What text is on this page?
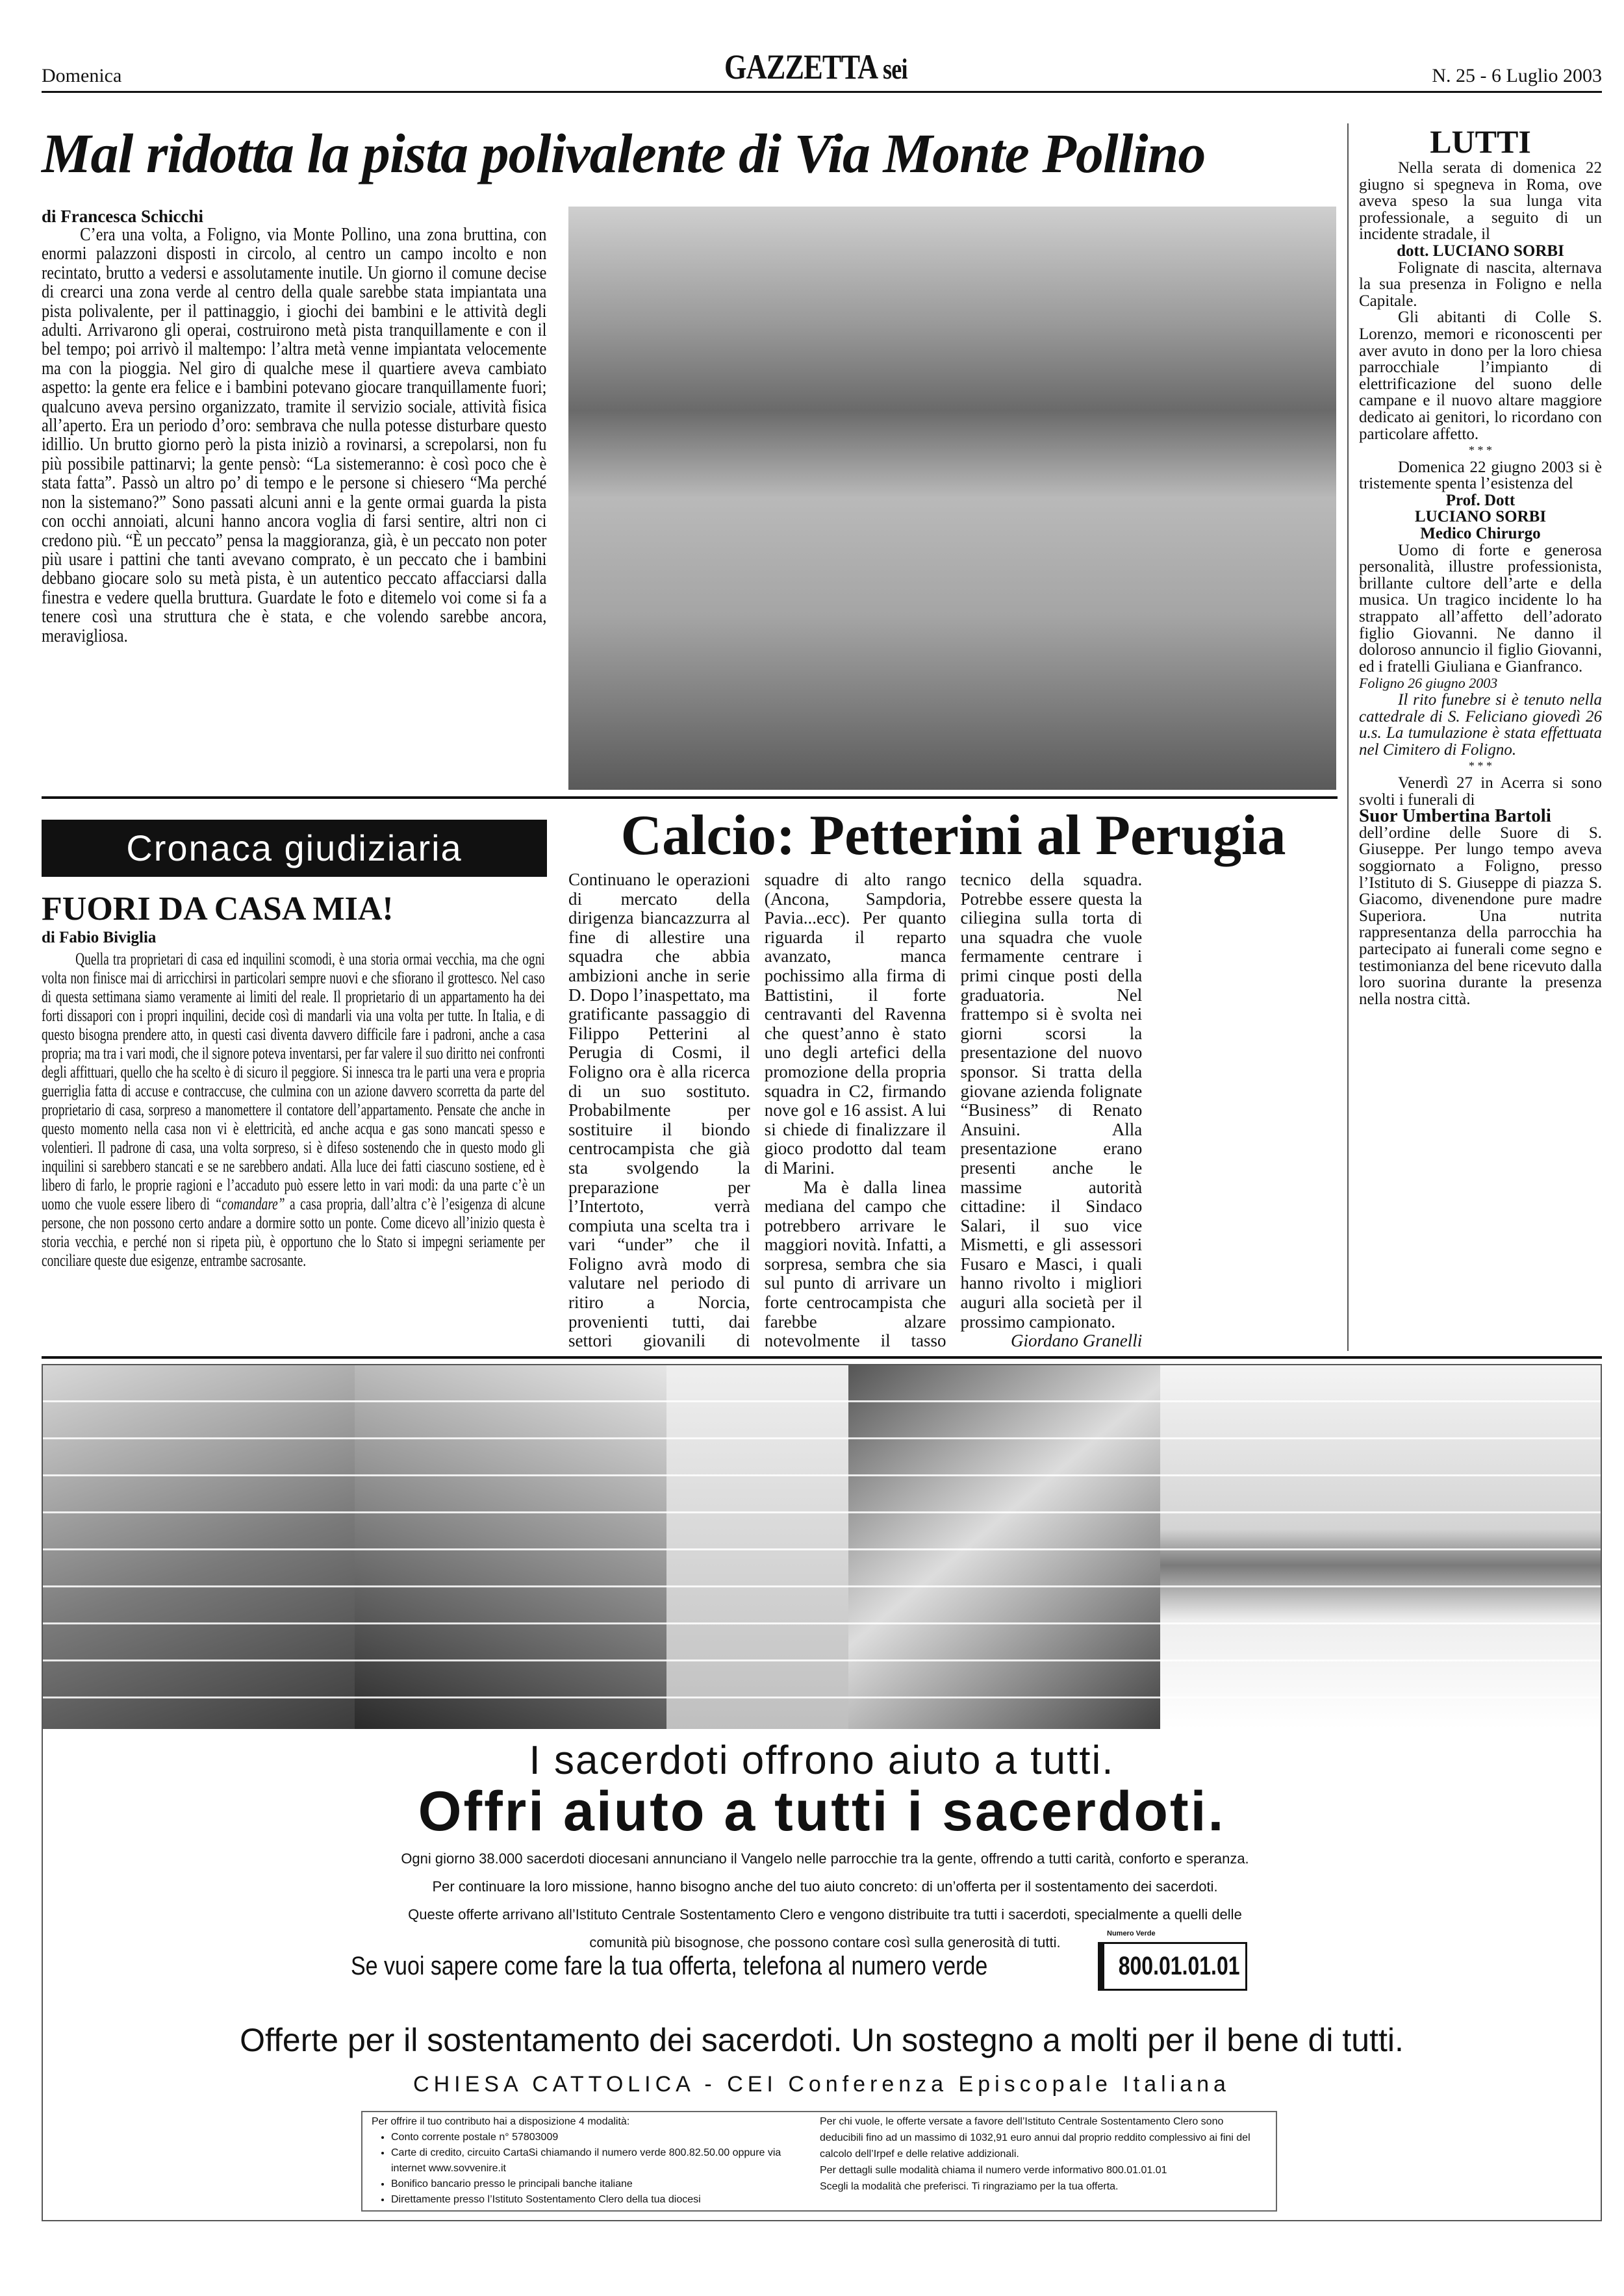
Domenica	GAZZETTA sei	N. 25 - 6 Luglio 2003
Mal ridotta la pista polivalente di Via Monte Pollino
di Francesca Schicchi

C’era una volta, a Foligno, via Monte Pollino, una zona bruttina, con enormi palazzoni disposti in circolo, al centro un campo incolto e non recintato, brutto a vedersi e assolutamente inutile. Un giorno il comune decise di crearci una zona verde al centro della quale sarebbe stata impiantata una pista polivalente, per il pattinaggio, i giochi dei bambini e le attività degli adulti. Arrivarono gli operai, costruirono metà pista tranquillamente e con il bel tempo; poi arrivò il maltempo: l’altra metà venne impiantata velocemente ma con la pioggia. Nel giro di qualche mese il quartiere aveva cambiato aspetto: la gente era felice e i bambini potevano giocare tranquillamente fuori; qualcuno aveva persino organizzato, tramite il servizio sociale, attività fisica all’aperto. Era un periodo d’oro: sembrava che nulla potesse disturbare questo idillio. Un brutto giorno però la pista iniziò a rovinarsi, a screpolarsi, non fu più possibile pattinarvi; la gente pensò: “La sistemeranno: è così poco che è stata fatta”. Passò un altro po’ di tempo e le persone si chiesero “Ma perché non la sistemano?” Sono passati alcuni anni e la gente ormai guarda la pista con occhi annoiati, alcuni hanno ancora voglia di farsi sentire, altri non ci credono più. “È un peccato” pensa la maggioranza, già, è un peccato non poter più usare i pattini che tanti avevano comprato, è un peccato che i bambini debbano giocare solo su metà pista, è un autentico peccato affacciarsi dalla finestra e vedere quella bruttura. Guardate le foto e ditemelo voi come si fa a tenere così una struttura che è stata, e che volendo sarebbe ancora, meravigliosa.

LUTTI

Nella serata di domenica 22 giugno si spegneva in Roma, ove aveva speso la sua lunga vita professionale, a seguito di un incidente stradale, il

dott. LUCIANO SORBI

Folignate di nascita, alternava la sua presenza in Foligno e nella Capitale.

Gli abitanti di Colle S. Lorenzo, memori e riconoscenti per aver avuto in dono per la loro chiesa parrocchiale l’impianto di elettrificazione del suono delle campane e il nuovo altare maggiore dedicato ai genitori, lo ricordano con particolare affetto.

* * *

Domenica 22 giugno 2003 si è tristemente spenta l’esistenza del

Prof. Dott
LUCIANO SORBI
Medico Chirurgo

Uomo di forte e generosa personalità, illustre professionista, brillante cultore dell’arte e della musica. Un tragico incidente lo ha strappato all’affetto dell’adorato figlio Giovanni. Ne danno il doloroso annuncio il figlio Giovanni, ed i fratelli Giuliana e Gianfranco.

Foligno 26 giugno 2003

Il rito funebre si è tenuto nella cattedrale di S. Feliciano giovedì 26 u.s. La tumulazione è stata effettuata nel Cimitero di Foligno.

* * *

Venerdì 27 in Acerra si sono svolti i funerali di

Suor Umbertina Bartoli

dell’ordine delle Suore di S. Giuseppe. Per lungo tempo aveva soggiornato a Foligno, presso l’Istituto di S. Giuseppe di piazza S. Giacomo, divenendone pure madre Superiora. Una nutrita rappresentanza della parrocchia ha partecipato ai funerali come segno e testimonianza del bene ricevuto dalla loro suorina durante la presenza nella nostra città.

Cronaca giudiziaria
FUORI DA CASA MIA!
di Fabio Biviglia

Quella tra proprietari di casa ed inquilini scomodi, è una storia ormai vecchia, ma che ogni volta non finisce mai di arricchirsi in particolari sempre nuovi e che sfiorano il grottesco. Nel caso di questa settimana siamo veramente ai limiti del reale. Il proprietario di un appartamento ha dei forti dissapori con i propri inquilini, decide così di mandarli via una volta per tutte. In Italia, e di questo bisogna prendere atto, in questi casi diventa davvero difficile fare i padroni, anche a casa propria; ma tra i vari modi, che il signore poteva inventarsi, per far valere il suo diritto nei confronti degli affittuari, quello che ha scelto è di sicuro il peggiore. Si innesca tra le parti una vera e propria guerriglia fatta di accuse e contraccuse, che culmina con un azione davvero scorretta da parte del proprietario di casa, sorpreso a manomettere il contatore dell’appartamento. Pensate che anche in questo momento nella casa non vi è elettricità, ed anche acqua e gas sono mancati spesso e volentieri. Il padrone di casa, una volta sorpreso, si è difeso sostenendo che in questo modo gli inquilini si sarebbero stancati e se ne sarebbero andati. Alla luce dei fatti ciascuno sostiene, ed è libero di farlo, le proprie ragioni e l’accaduto può essere letto in vari modi: da una parte c’è un uomo che vuole essere libero di “comandare” a casa propria, dall’altra c’è l’esigenza di alcune persone, che non possono certo andare a dormire sotto un ponte. Come dicevo all’inizio questa è storia vecchia, e perché non si ripeta più, è opportuno che lo Stato si impegni seriamente per conciliare queste due esigenze, entrambe sacrosante.

Calcio: Petterini al Perugia

Continuano le operazioni di mercato della dirigenza biancazzurra al fine di allestire una squadra che abbia ambizioni anche in serie D. Dopo l’inaspettato, ma gratificante passaggio di Filippo Petterini al Perugia di Cosmi, il Foligno ora è alla ricerca di un suo sostituto. Probabilmente per sostituire il biondo centrocampista che già sta svolgendo la preparazione per l’Intertoto, verrà compiuta una scelta tra i vari “under” che il Foligno avrà modo di valutare nel periodo di ritiro a Norcia, provenienti tutti, dai settori giovanili di squadre di alto rango (Ancona, Sampdoria, Pavia...ecc). Per quanto riguarda il reparto avanzato, manca pochissimo alla firma di Battistini, il forte centravanti del Ravenna che quest’anno è stato uno degli artefici della promozione della propria squadra in C2, firmando nove gol e 16 assist. A lui si chiede di finalizzare il gioco prodotto dal team di Marini.

Ma è dalla linea mediana del campo che potrebbero arrivare le maggiori novità. Infatti, a sorpresa, sembra che sia sul punto di arrivare un forte centrocampista che farebbe alzare notevolmente il tasso tecnico della squadra. Potrebbe essere questa la ciliegina sulla torta di una squadra che vuole fermamente centrare i primi cinque posti della graduatoria. Nel frattempo si è svolta nei giorni scorsi la presentazione del nuovo sponsor. Si tratta della giovane azienda folignate “Business” di Renato Ansuini. Alla presentazione erano presenti anche le massime autorità cittadine: il Sindaco Salari, il suo vice Mismetti, e gli assessori Fusaro e Masci, i quali hanno rivolto i migliori auguri alla società per il prossimo campionato.

Giordano Granelli

I sacerdoti offrono aiuto a tutti.
Offri aiuto a tutti i sacerdoti.
Ogni giorno 38.000 sacerdoti diocesani annunciano il Vangelo nelle parrocchie tra la gente, offrendo a tutti carità, conforto e speranza.
Per continuare la loro missione, hanno bisogno anche del tuo aiuto concreto: di un’offerta per il sostentamento dei sacerdoti.
Queste offerte arrivano all’Istituto Centrale Sostentamento Clero e vengono distribuite tra tutti i sacerdoti, specialmente a quelli delle
comunità più bisognose, che possono contare così sulla generosità di tutti.
Se vuoi sapere come fare la tua offerta, telefona al numero verde
Numero Verde
800.01.01.01
Offerte per il sostentamento dei sacerdoti. Un sostegno a molti per il bene di tutti.
CHIESA CATTOLICA - CEI Conferenza Episcopale Italiana
Per offrire il tuo contributo hai a disposizione 4 modalità:
• Conto corrente postale n° 57803009
• Carte di credito, circuito CartaSi chiamando il numero verde 800.82.50.00 oppure via internet www.sovvenire.it
• Bonifico bancario presso le principali banche italiane
• Direttamente presso l’Istituto Sostentamento Clero della tua diocesi
Per chi vuole, le offerte versate a favore dell’Istituto Centrale Sostentamento Clero sono deducibili fino ad un massimo di 1032,91 euro annui dal proprio reddito complessivo ai fini del calcolo dell’Irpef e delle relative addizionali.
Per dettagli sulle modalità chiama il numero verde informativo 800.01.01.01
Scegli la modalità che preferisci. Ti ringraziamo per la tua offerta.
